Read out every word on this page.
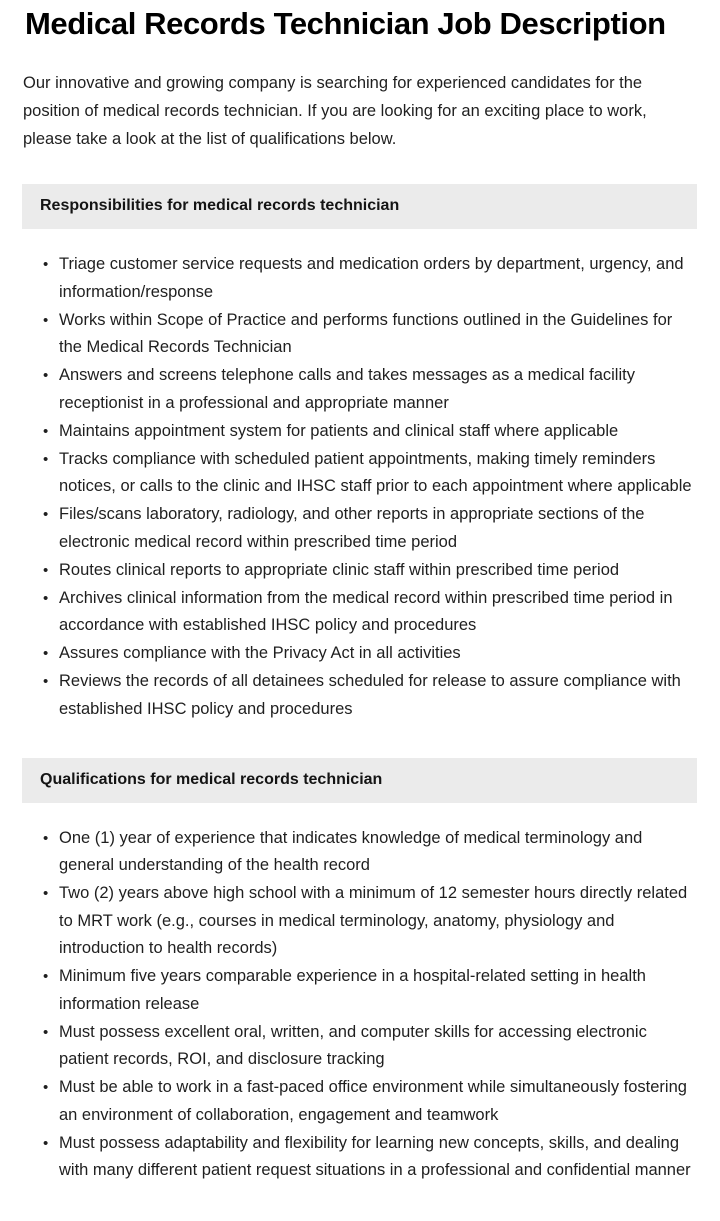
Medical Records Technician Job Description

Our innovative and growing company is searching for experienced candidates for the position of medical records technician. If you are looking for an exciting place to work, please take a look at the list of qualifications below.

Responsibilities for medical records technician
• Triage customer service requests and medication orders by department, urgency, and information/response
• Works within Scope of Practice and performs functions outlined in the Guidelines for the Medical Records Technician
• Answers and screens telephone calls and takes messages as a medical facility receptionist in a professional and appropriate manner
• Maintains appointment system for patients and clinical staff where applicable
• Tracks compliance with scheduled patient appointments, making timely reminders notices, or calls to the clinic and IHSC staff prior to each appointment where applicable
• Files/scans laboratory, radiology, and other reports in appropriate sections of the electronic medical record within prescribed time period
• Routes clinical reports to appropriate clinic staff within prescribed time period
• Archives clinical information from the medical record within prescribed time period in accordance with established IHSC policy and procedures
• Assures compliance with the Privacy Act in all activities
• Reviews the records of all detainees scheduled for release to assure compliance with established IHSC policy and procedures
Qualifications for medical records technician
• One (1) year of experience that indicates knowledge of medical terminology and general understanding of the health record
• Two (2) years above high school with a minimum of 12 semester hours directly related to MRT work (e.g., courses in medical terminology, anatomy, physiology and introduction to health records)
• Minimum five years comparable experience in a hospital-related setting in health information release
• Must possess excellent oral, written, and computer skills for accessing electronic patient records, ROI, and disclosure tracking
• Must be able to work in a fast-paced office environment while simultaneously fostering an environment of collaboration, engagement and teamwork
• Must possess adaptability and flexibility for learning new concepts, skills, and dealing with many different patient request situations in a professional and confidential manner
